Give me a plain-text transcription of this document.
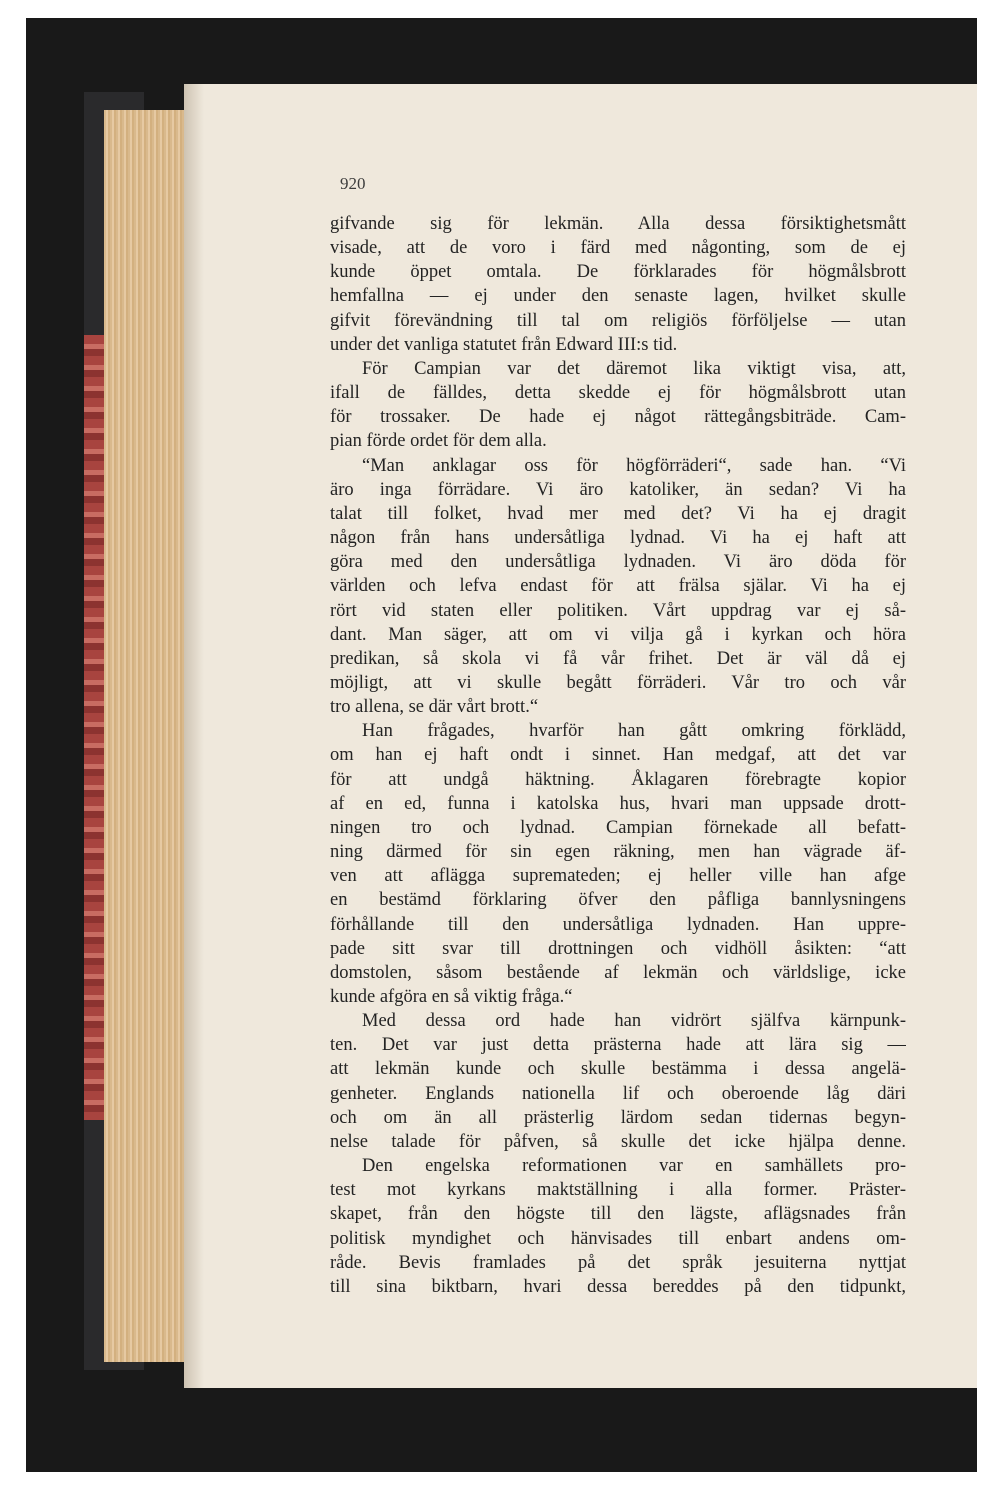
920
gifvande sig för lekmän. Alla dessa försiktighetsmått
visade, att de voro i färd med någonting, som de ej
kunde öppet omtala. De förklarades för högmålsbrott
hemfallna — ej under den senaste lagen, hvilket skulle
gifvit förevändning till tal om religiös förföljelse — utan
under det vanliga statutet från Edward III:s tid.
För Campian var det däremot lika viktigt visa, att,
ifall de fälldes, detta skedde ej för högmålsbrott utan
för trossaker. De hade ej något rättegångsbiträde. Cam-
pian förde ordet för dem alla.
“Man anklagar oss för högförräderi“, sade han. “Vi
äro inga förrädare. Vi äro katoliker, än sedan? Vi ha
talat till folket, hvad mer med det? Vi ha ej dragit
någon från hans undersåtliga lydnad. Vi ha ej haft att
göra med den undersåtliga lydnaden. Vi äro döda för
världen och lefva endast för att frälsa själar. Vi ha ej
rört vid staten eller politiken. Vårt uppdrag var ej så-
dant. Man säger, att om vi vilja gå i kyrkan och höra
predikan, så skola vi få vår frihet. Det är väl då ej
möjligt, att vi skulle begått förräderi. Vår tro och vår
tro allena, se där vårt brott.“
Han frågades, hvarför han gått omkring förklädd,
om han ej haft ondt i sinnet. Han medgaf, att det var
för att undgå häktning. Åklagaren förebragte kopior
af en ed, funna i katolska hus, hvari man uppsade drott-
ningen tro och lydnad. Campian förnekade all befatt-
ning därmed för sin egen räkning, men han vägrade äf-
ven att aflägga suprematеden; ej heller ville han afge
en bestämd förklaring öfver den påfliga bannlysningens
förhållande till den undersåtliga lydnaden. Han uppre-
pade sitt svar till drottningen och vidhöll åsikten: “att
domstolen, såsom bestående af lekmän och världslige, icke
kunde afgöra en så viktig fråga.“
Med dessa ord hade han vidrört själfva kärnpunk-
ten. Det var just detta prästerna hade att lära sig —
att lekmän kunde och skulle bestämma i dessa angelä-
genheter. Englands nationella lif och oberoende låg däri
och om än all prästerlig lärdom sedan tidernas begyn-
nelse talade för påfven, så skulle det icke hjälpa denne.
Den engelska reformationen var en samhällets pro-
test mot kyrkans maktställning i alla former. Präster-
skapet, från den högste till den lägste, aflägsnades från
politisk myndighet och hänvisades till enbart andens om-
råde. Bevis framlades på det språk jesuiterna nyttjat
till sina biktbarn, hvari dessa bereddes på den tidpunkt,
